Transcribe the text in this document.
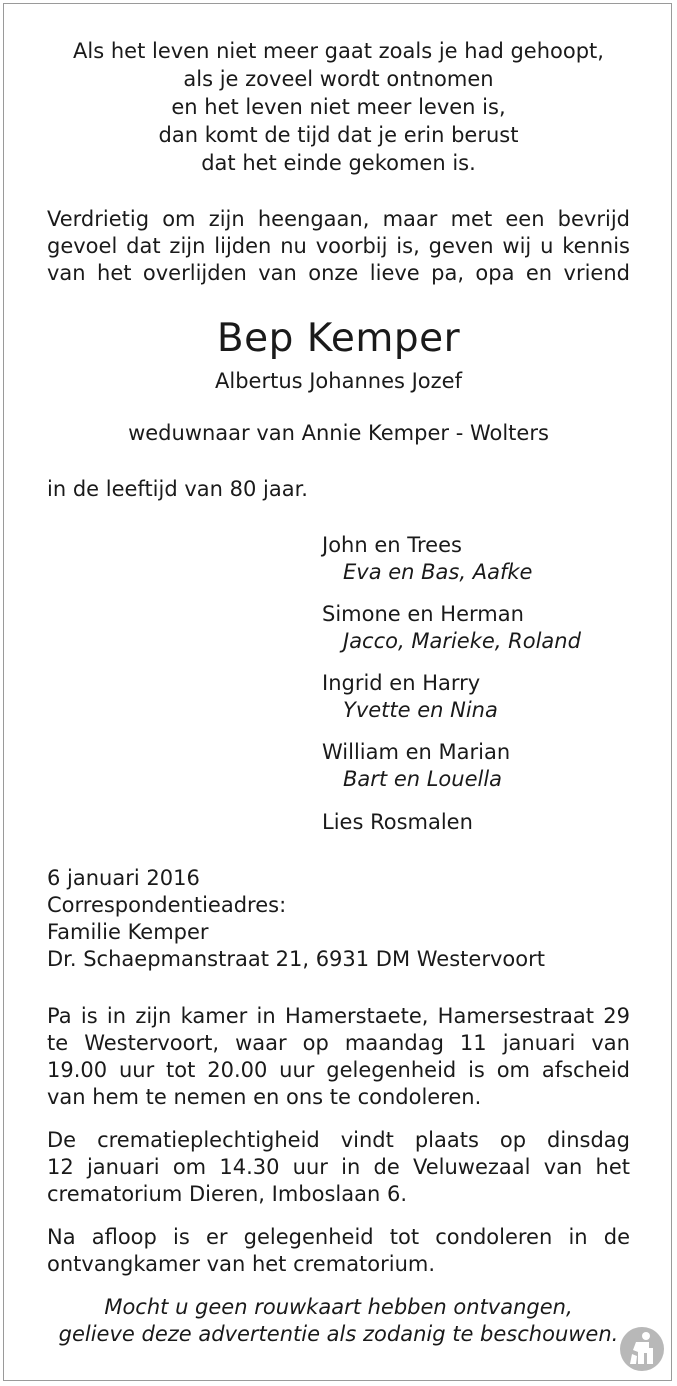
Als het leven niet meer gaat zoals je had gehoopt,
als je zoveel wordt ontnomen
en het leven niet meer leven is,
dan komt de tijd dat je erin berust
dat het einde gekomen is.
Verdrietig om zijn heengaan, maar met een bevrijd
gevoel dat zijn lijden nu voorbij is, geven wij u kennis
van het overlijden van onze lieve pa, opa en vriend
Bep Kemper
Albertus Johannes Jozef
weduwnaar van Annie Kemper - Wolters
in de leeftijd van 80 jaar.
John en Trees
Eva en Bas, Aafke
Simone en Herman
Jacco, Marieke, Roland
Ingrid en Harry
Yvette en Nina
William en Marian
Bart en Louella
Lies Rosmalen
6 januari 2016
Correspondentieadres:
Familie Kemper
Dr. Schaepmanstraat 21, 6931 DM Westervoort
Pa is in zijn kamer in Hamerstaete, Hamersestraat 29
te Westervoort, waar op maandag 11 januari van
19.00 uur tot 20.00 uur gelegenheid is om afscheid
van hem te nemen en ons te condoleren.
De crematieplechtigheid vindt plaats op dinsdag
12 januari om 14.30 uur in de Veluwezaal van het
crematorium Dieren, Imboslaan 6.
Na afloop is er gelegenheid tot condoleren in de
ontvangkamer van het crematorium.
Mocht u geen rouwkaart hebben ontvangen,
gelieve deze advertentie als zodanig te beschouwen.
